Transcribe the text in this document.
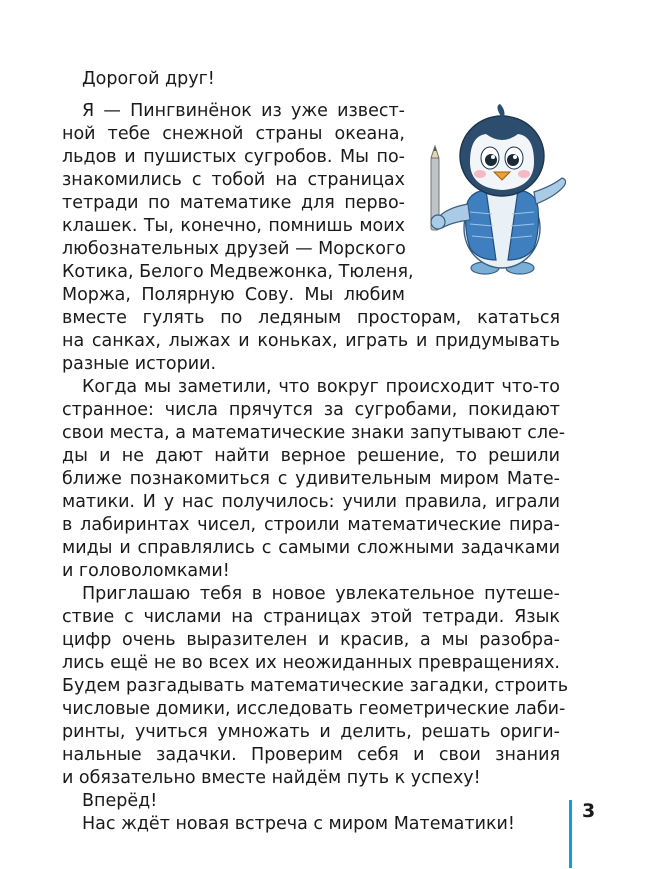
Дорогой друг!
Я — Пингвинёнок из уже извест-
ной тебе снежной страны океана,
льдов и пушистых сугробов. Мы по-
знакомились с тобой на страницах
тетради по математике для перво-
клашек. Ты, конечно, помнишь моих
любознательных друзей — Морского
Котика, Белого Медвежонка, Тюленя,
Моржа, Полярную Сову. Мы любим
вместе гулять по ледяным просторам, кататься
на санках, лыжах и коньках, играть и придумывать
разные истории.
Когда мы заметили, что вокруг происходит что-то
странное: числа прячутся за сугробами, покидают
свои места, а математические знаки запутывают сле-
ды и не дают найти верное решение, то решили
ближе познакомиться с удивительным миром Мате-
матики. И у нас получилось: учили правила, играли
в лабиринтах чисел, строили математические пира-
миды и справлялись с самыми сложными задачками
и головоломками!
Приглашаю тебя в новое увлекательное путеше-
ствие с числами на страницах этой тетради. Язык
цифр очень выразителен и красив, а мы разобра-
лись ещё не во всех их неожиданных превращениях.
Будем разгадывать математические загадки, строить
числовые домики, исследовать геометрические лаби-
ринты, учиться умножать и делить, решать ориги-
нальные задачки. Проверим себя и свои знания
и обязательно вместе найдём путь к успеху!
Вперёд!
Нас ждёт новая встреча с миром Математики!
3
